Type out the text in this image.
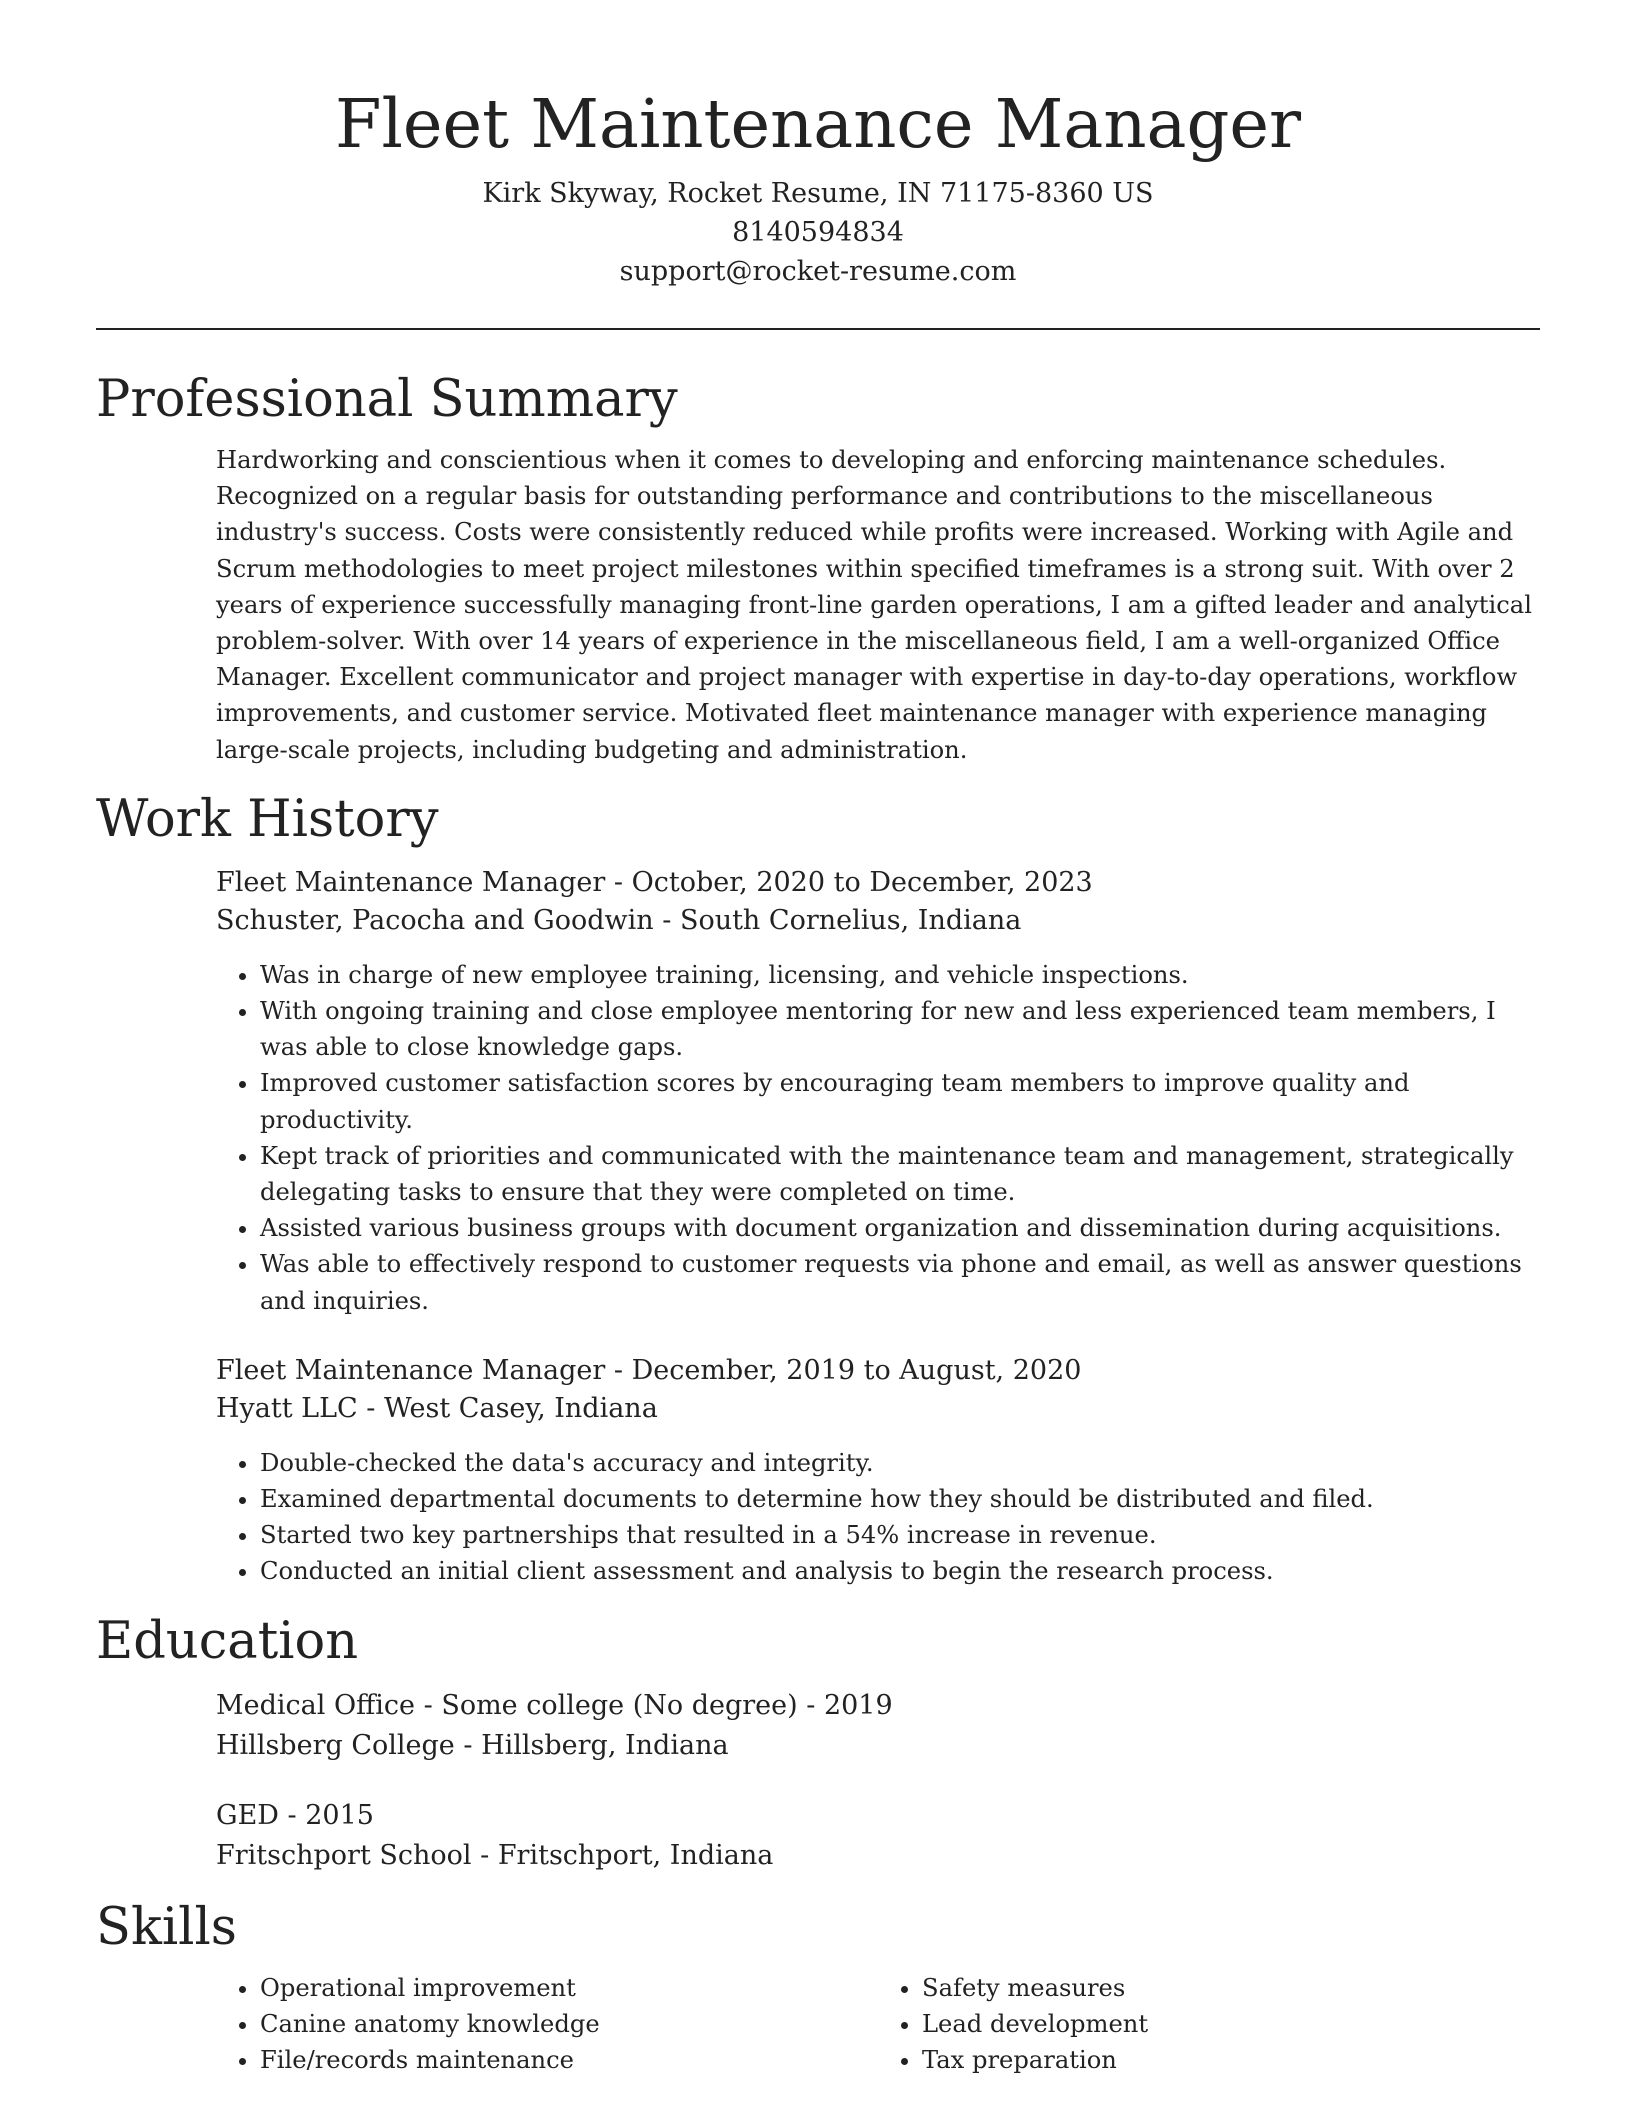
Fleet Maintenance Manager
Kirk Skyway, Rocket Resume, IN 71175-8360 US
8140594834
support@rocket-resume.com
Professional Summary

Hardworking and conscientious when it comes to developing and enforcing maintenance schedules. Recognized on a regular basis for outstanding performance and contributions to the miscellaneous industry's success. Costs were consistently reduced while profits were increased. Working with Agile and Scrum methodologies to meet project milestones within specified timeframes is a strong suit. With over 2 years of experience successfully managing front-line garden operations, I am a gifted leader and analytical problem-solver. With over 14 years of experience in the miscellaneous field, I am a well-organized Office Manager. Excellent communicator and project manager with expertise in day-to-day operations, workflow improvements, and customer service. Motivated fleet maintenance manager with experience managing large-scale projects, including budgeting and administration.

Work History
Fleet Maintenance Manager - October, 2020 to December, 2023
Schuster, Pacocha and Goodwin - South Cornelius, Indiana
• Was in charge of new employee training, licensing, and vehicle inspections.
• With ongoing training and close employee mentoring for new and less experienced team members, I was able to close knowledge gaps.
• Improved customer satisfaction scores by encouraging team members to improve quality and productivity.
• Kept track of priorities and communicated with the maintenance team and management, strategically delegating tasks to ensure that they were completed on time.
• Assisted various business groups with document organization and dissemination during acquisitions.
• Was able to effectively respond to customer requests via phone and email, as well as answer questions and inquiries.
Fleet Maintenance Manager - December, 2019 to August, 2020
Hyatt LLC - West Casey, Indiana
• Double-checked the data's accuracy and integrity.
• Examined departmental documents to determine how they should be distributed and filed.
• Started two key partnerships that resulted in a 54% increase in revenue.
• Conducted an initial client assessment and analysis to begin the research process.
Education
Medical Office - Some college (No degree) - 2019
Hillsberg College - Hillsberg, Indiana
GED - 2015
Fritschport School - Fritschport, Indiana
Skills
• Operational improvement
• Canine anatomy knowledge
• File/records maintenance
• Safety measures
• Lead development
• Tax preparation
